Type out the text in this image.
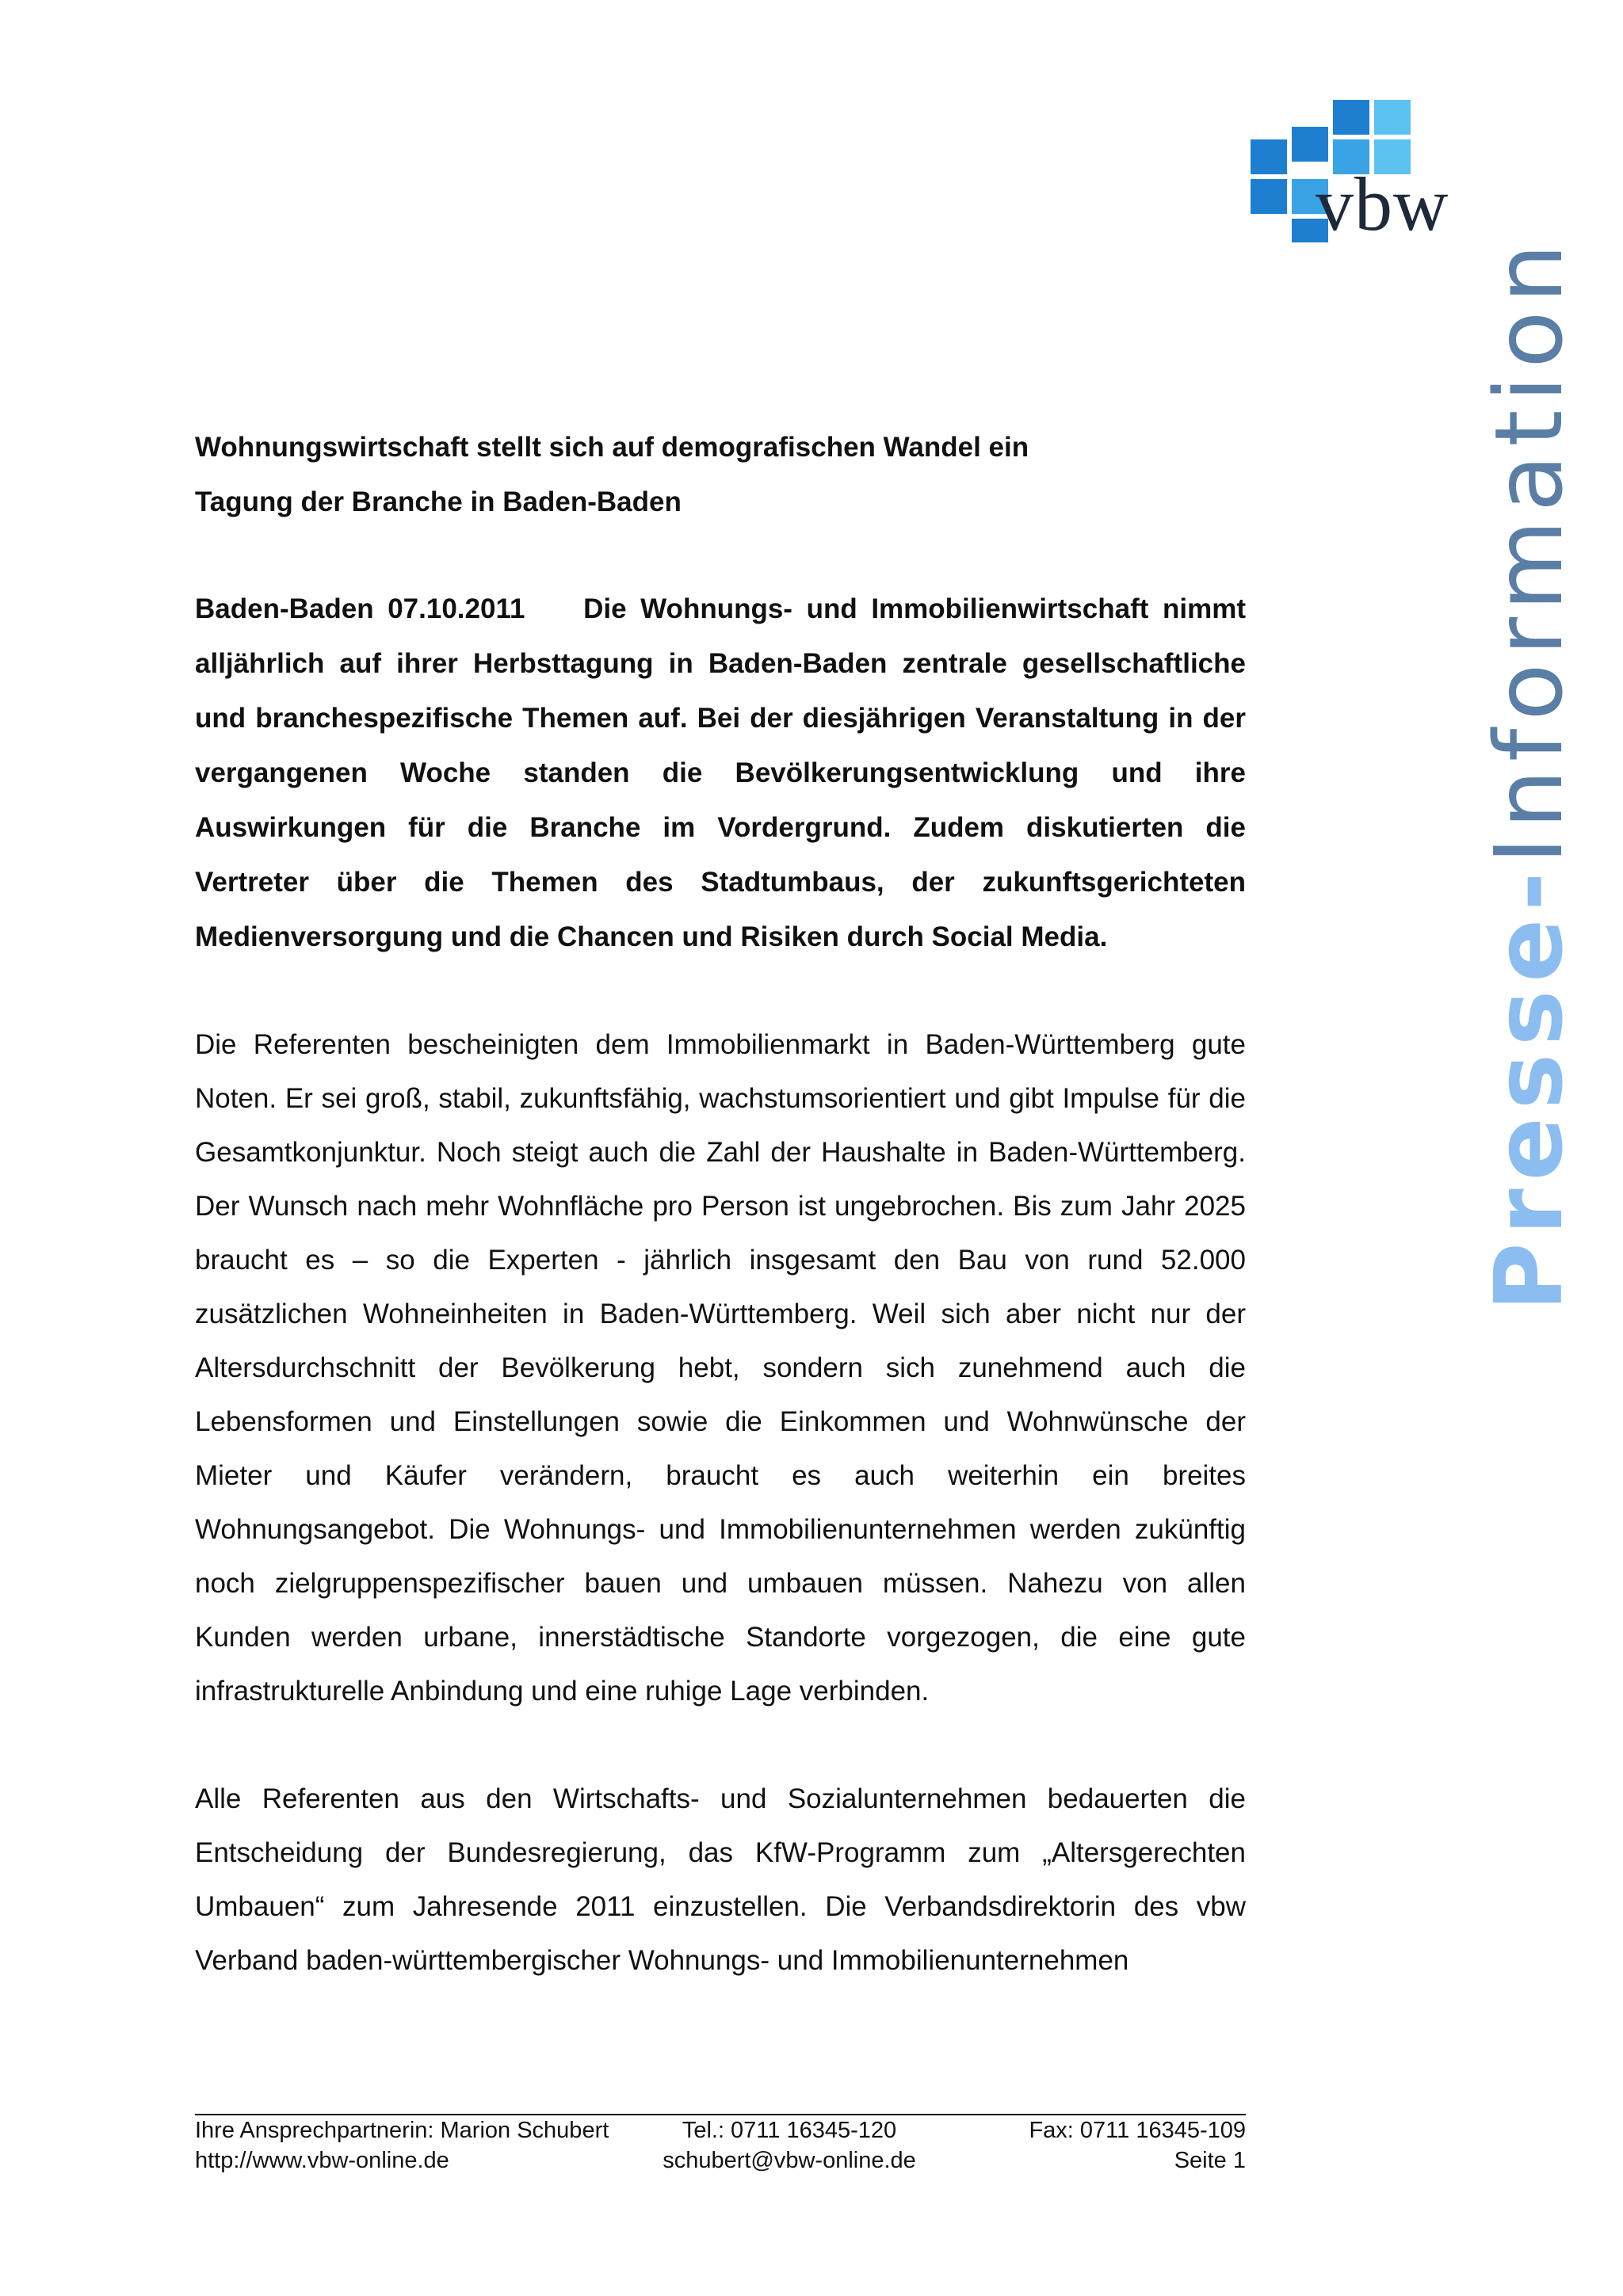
vbw
Presse-Information

Wohnungswirtschaft stellt sich auf demografischen Wandel ein

Tagung der Branche in Baden-Baden

Baden-Baden 07.10.2011 Die Wohnungs- und Immobilienwirtschaft nimmt alljährlich auf ihrer Herbsttagung in Baden-Baden zentrale gesellschaftliche und branchespezifische Themen auf. Bei der diesjährigen Veranstaltung in der vergangenen Woche standen die Bevölkerungsentwicklung und ihre Auswirkungen für die Branche im Vordergrund. Zudem diskutierten die Vertreter über die Themen des Stadtumbaus, der zukunftsgerichteten Medienversorgung und die Chancen und Risiken durch Social Media.
Die Referenten bescheinigten dem Immobilienmarkt in Baden-Württemberg gute Noten. Er sei groß, stabil, zukunftsfähig, wachstumsorientiert und gibt Impulse für die Gesamtkonjunktur. Noch steigt auch die Zahl der Haushalte in Baden-Württemberg. Der Wunsch nach mehr Wohnfläche pro Person ist ungebrochen. Bis zum Jahr 2025 braucht es – so die Experten - jährlich insgesamt den Bau von rund 52.000 zusätzlichen Wohneinheiten in Baden-Württemberg. Weil sich aber nicht nur der Altersdurchschnitt der Bevölkerung hebt, sondern sich zunehmend auch die Lebensformen und Einstellungen sowie die Einkommen und Wohnwünsche der Mieter und Käufer verändern, braucht es auch weiterhin ein breites Wohnungsangebot. Die Wohnungs- und Immobilienunternehmen werden zukünftig noch zielgruppenspezifischer bauen und umbauen müssen. Nahezu von allen Kunden werden urbane, innerstädtische Standorte vorgezogen, die eine gute infrastrukturelle Anbindung und eine ruhige Lage verbinden.
Alle Referenten aus den Wirtschafts- und Sozialunternehmen bedauerten die Entscheidung der Bundesregierung, das KfW-Programm zum „Altersgerechten Umbauen“ zum Jahresende 2011 einzustellen. Die Verbandsdirektorin des vbw Verband baden-württembergischer Wohnungs- und Immobilienunternehmen
Ihre Ansprechpartnerin: Marion Schubert	Tel.: 0711 16345-120	Fax: 0711 16345-109
http://www.vbw-online.de	schubert@vbw-online.de	Seite 1
